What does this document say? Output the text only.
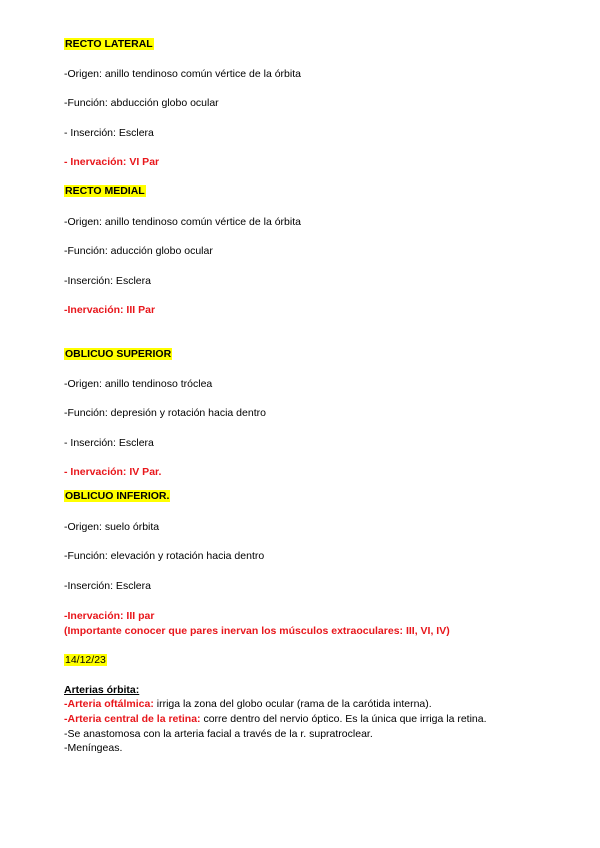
RECTO LATERAL
-Origen: anillo tendinoso común vértice de la órbita
-Función: abducción globo ocular
- Inserción: Esclera
- Inervación: VI Par
RECTO MEDIAL
-Origen: anillo tendinoso común vértice de la órbita
-Función: aducción globo ocular
-Inserción: Esclera
-Inervación: III Par
OBLICUO SUPERIOR
-Origen: anillo tendinoso tróclea
-Función: depresión y rotación hacia dentro
- Inserción: Esclera
- Inervación: IV Par.
OBLICUO INFERIOR.
-Origen: suelo órbita
-Función: elevación y rotación hacia dentro
-Inserción: Esclera
-Inervación: III par
(Importante conocer que pares inervan los músculos extraoculares: III, VI, IV)
14/12/23
Arterias órbita:
-Arteria oftálmica: irriga la zona del globo ocular (rama de la carótida interna).
-Arteria central de la retina: corre dentro del nervio óptico. Es la única que irriga la retina.
-Se anastomosa con la arteria facial a través de la r. supratroclear.
-Meníngeas.
